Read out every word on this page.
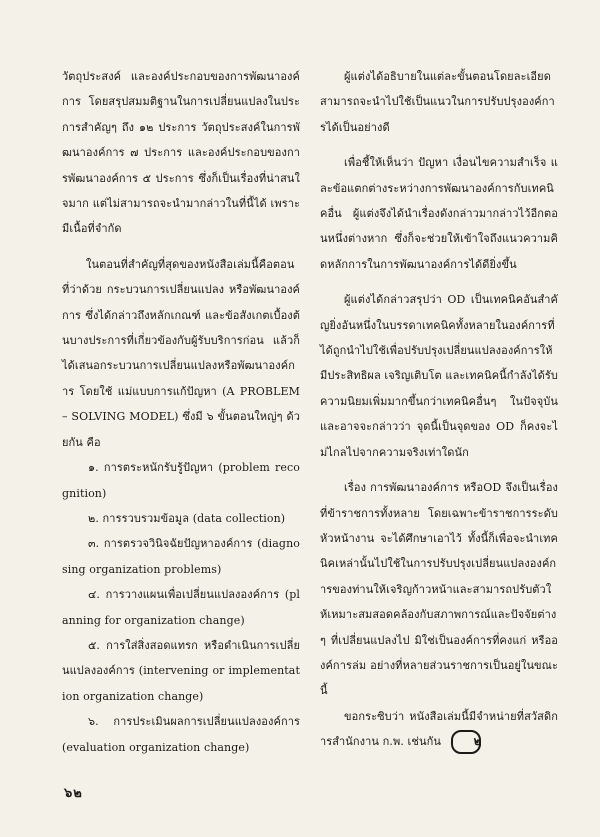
วัตถุประสงค์ และองค์ประกอบของการพัฒนาองค์การ โดยสรุปสมมติฐานในการเปลี่ยนแปลงในประการสำคัญๆ ถึง ๑๒ ประการ วัตถุประสงค์ในการพัฒนาองค์การ ๗ ประการ และองค์ประกอบของการพัฒนาองค์การ ๕ ประการ ซึ่งก็เป็นเรื่องที่น่าสนใจมาก แต่ไม่สามารถจะนำมากล่าวในที่นี้ได้ เพราะมีเนื้อที่จำกัด

ในตอนที่สำคัญที่สุดของหนังสือเล่มนี้คือตอน ที่ว่าด้วย กระบวนการเปลี่ยนแปลง หรือพัฒนาองค์การ ซึ่งได้กล่าวถึงหลักเกณฑ์ และข้อสังเกตเบื้องต้นบางประการที่เกี่ยวข้องกับผู้รับบริการก่อน แล้วก็ได้เสนอกระบวนการเปลี่ยนแปลงหรือพัฒนาองค์การ โดยใช้ แม่แบบการแก้ปัญหา (A PROBLEM – SOLVING MODEL) ซึ่งมี ๖ ขั้นตอนใหญ่ๆ ด้วยกัน คือ

๑. การตระหนักรับรู้ปัญหา (problem recognition)

๒. การรวบรวมข้อมูล (data collection)

๓. การตรวจวินิจฉัยปัญหาองค์การ (diagnosing organization problems)

๔. การวางแผนเพื่อเปลี่ยนแปลงองค์การ (planning for organization change)

๕. การใส่สิ่งสอดแทรก หรือดำเนินการเปลี่ยนแปลงองค์การ (intervening or implementation organization change)

๖. การประเมินผลการเปลี่ยนแปลงองค์การ (evaluation organization change)

ผู้แต่งได้อธิบายในแต่ละขั้นตอนโดยละเอียด สามารถจะนำไปใช้เป็นแนวในการปรับปรุงองค์การได้เป็นอย่างดี

เพื่อชี้ให้เห็นว่า ปัญหา เงื่อนไขความสำเร็จ และข้อแตกต่างระหว่างการพัฒนาองค์การกับเทคนิคอื่น ผู้แต่งจึงได้นำเรื่องดังกล่าวมากล่าวไว้อีกตอนหนึ่งต่างหาก ซึ่งก็จะช่วยให้เข้าใจถึงแนวความคิดหลักการในการพัฒนาองค์การได้ดียิ่งขึ้น

ผู้แต่งได้กล่าวสรุปว่า OD เป็นเทคนิคอันสำคัญยิ่งอันหนึ่งในบรรดาเทคนิคทั้งหลายในองค์การที่ได้ถูกนำไปใช้เพื่อปรับปรุงเปลี่ยนแปลงองค์การให้มีประสิทธิผล เจริญเติบโต และเทคนิคนี้กำลังได้รับความนิยมเพิ่มมากขึ้นกว่าเทคนิคอื่นๆ ในปัจจุบัน และอาจจะกล่าวว่า จุดนี้เป็นจุดของ OD ก็คงจะไม่ไกลไปจากความจริงเท่าใดนัก

เรื่อง การพัฒนาองค์การ หรือOD จึงเป็นเรื่องที่ข้าราชการทั้งหลาย โดยเฉพาะข้าราชการระดับหัวหน้างาน จะได้ศึกษาเอาไว้ ทั้งนี้ก็เพื่อจะนำเทคนิคเหล่านั้นไปใช้ในการปรับปรุงเปลี่ยนแปลงองค์การของท่านให้เจริญก้าวหน้าและสามารถปรับตัวให้เหมาะสมสอดคล้องกับสภาพการณ์และปัจจัยต่างๆ ที่เปลี่ยนแปลงไป มิใช่เป็นองค์การที่คงแก่ หรือองค์การล่ม อย่างที่หลายส่วนราชการเป็นอยู่ในขณะนี้

ขอกระซิบว่า หนังสือเล่มนี้มีจำหน่ายที่สวัสดิการสำนักงาน ก.พ. เช่นกัน	๒

๖๒
